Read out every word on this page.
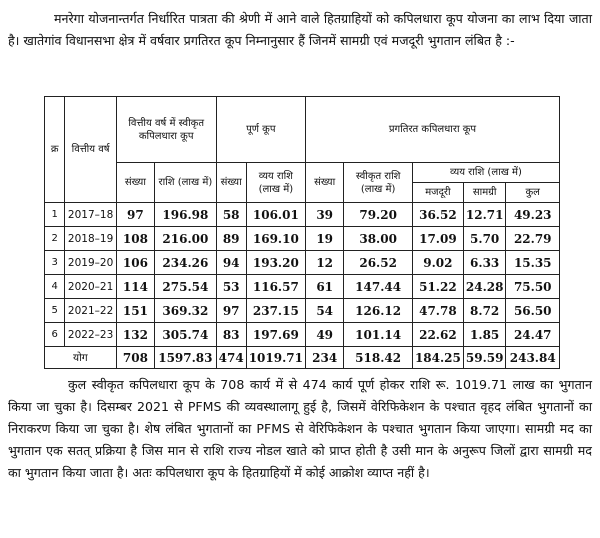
मनरेगा योजनान्तर्गत निर्धारित पात्रता की श्रेणी में आने वाले हितग्राहियों को कपिलधारा कूप योजना का लाभ दिया जाता है। खातेगांव विधानसभा क्षेत्र में वर्षवार प्रगतिरत कूप निम्नानुसार हैं जिनमें सामग्री एवं मजदूरी भुगतान लंबित है :-

क्र	वित्तीय वर्ष	वित्तीय वर्ष में स्वीकृत कपिलधारा कूप		पूर्ण कूप		प्रगतिरत कपिलधारा कूप				
		संख्या	राशि (लाख में)	संख्या	व्यय राशि (लाख में)	संख्या	स्वीकृत राशि (लाख में)	व्यय राशि (लाख में)		
								मजदूरी	सामग्री	कुल
1	2017–18	97	196.98	58	106.01	39	79.20	36.52	12.71	49.23
2	2018–19	108	216.00	89	169.10	19	38.00	17.09	5.70	22.79
3	2019–20	106	234.26	94	193.20	12	26.52	9.02	6.33	15.35
4	2020–21	114	275.54	53	116.57	61	147.44	51.22	24.28	75.50
5	2021–22	151	369.32	97	237.15	54	126.12	47.78	8.72	56.50
6	2022–23	132	305.74	83	197.69	49	101.14	22.62	1.85	24.47
योग		708	1597.83	474	1019.71	234	518.42	184.25	59.59	243.84

कुल स्वीकृत कपिलधारा कूप के 708 कार्य में से 474 कार्य पूर्ण होकर राशि रू. 1019.71 लाख का भुगतान किया जा चुका है। दिसम्बर 2021 से PFMS की व्यवस्थालागू हुई है, जिसमें वेरिफिकेशन के पश्चात वृहद लंबित भुगतानों का निराकरण किया जा चुका है। शेष लंबित भुगतानों का PFMS से वेरिफिकेशन के पश्चात भुगतान किया जाएगा। सामग्री मद का भुगतान एक सतत् प्रक्रिया है जिस मान से राशि राज्य नोडल खाते को प्राप्त होती है उसी मान के अनुरूप जिलों द्वारा सामग्री मद का भुगतान किया जाता है। अतः कपिलधारा कूप के हितग्राहियों में कोई आक्रोश व्याप्त नहीं है।
